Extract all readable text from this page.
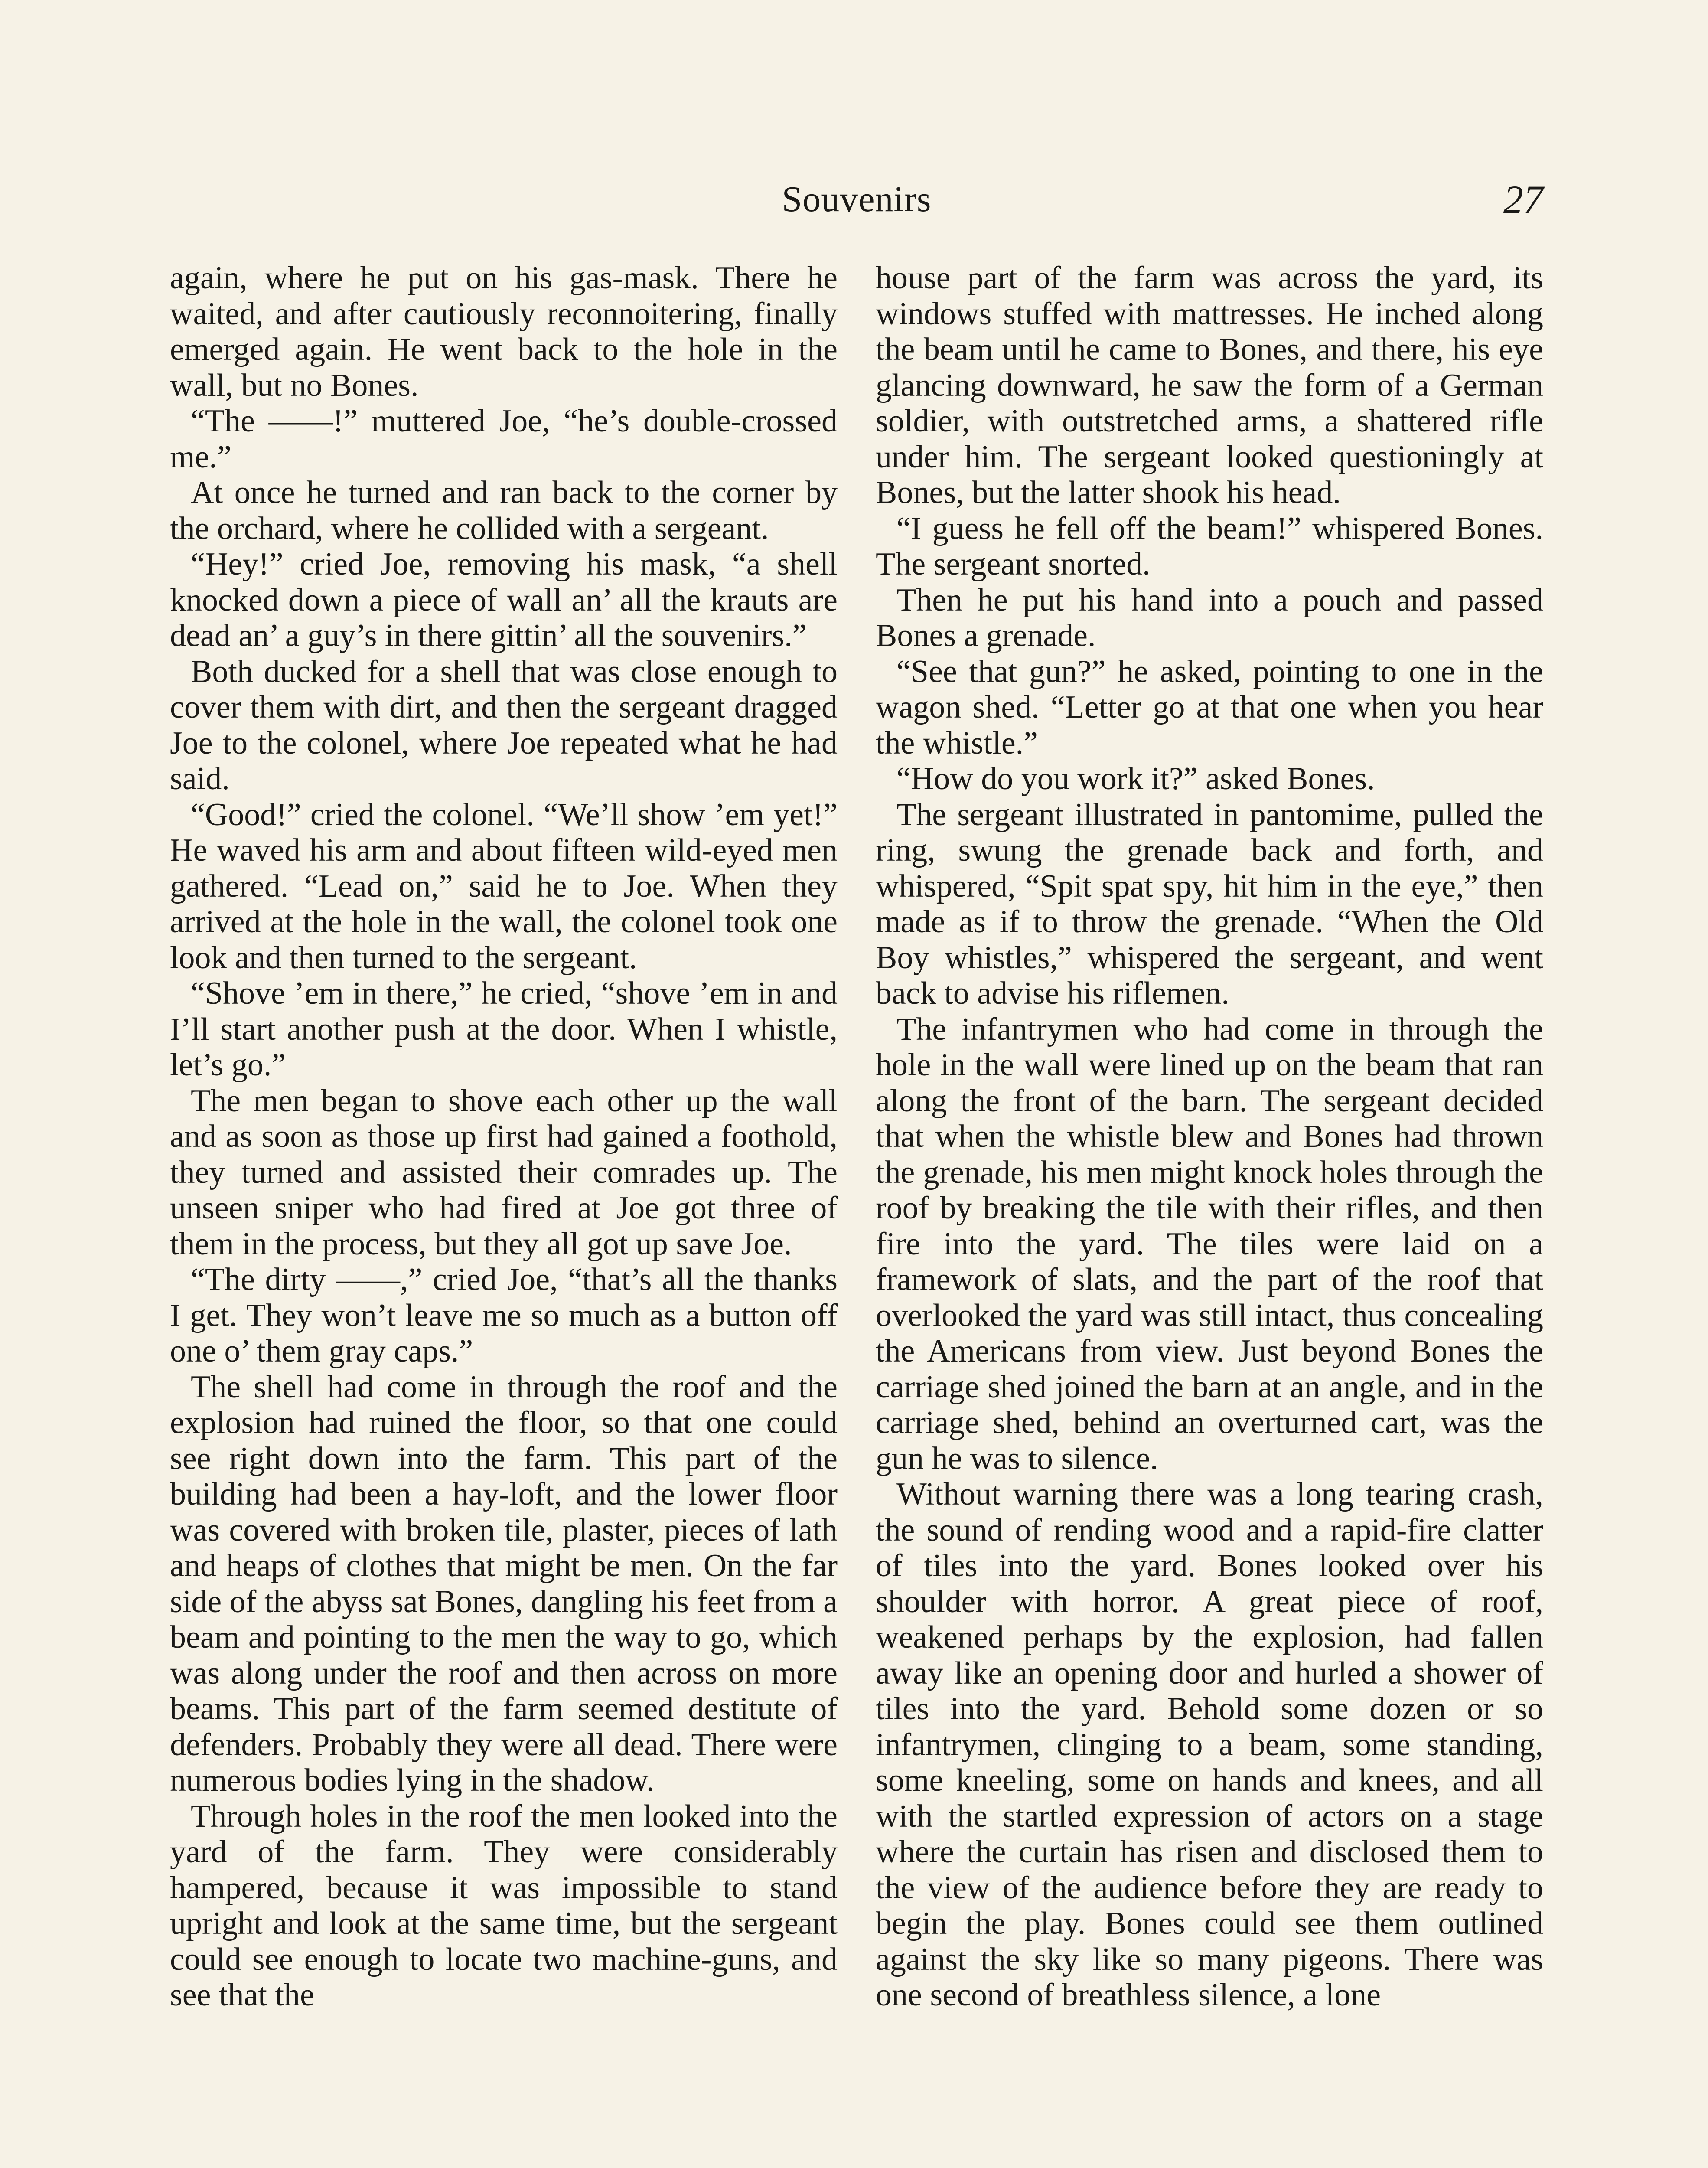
Souvenirs	27

again, where he put on his gas-mask. There he waited, and after cautiously reconnoitering, finally emerged again. He went back to the hole in the wall, but no Bones.

“The ——!” muttered Joe, “he’s double-crossed me.”

At once he turned and ran back to the corner by the orchard, where he collided with a sergeant.

“Hey!” cried Joe, removing his mask, “a shell knocked down a piece of wall an’ all the krauts are dead an’ a guy’s in there gittin’ all the souvenirs.”

Both ducked for a shell that was close enough to cover them with dirt, and then the sergeant dragged Joe to the colonel, where Joe repeated what he had said.

“Good!” cried the colonel. “We’ll show ’em yet!” He waved his arm and about fifteen wild-eyed men gathered. “Lead on,” said he to Joe. When they arrived at the hole in the wall, the colonel took one look and then turned to the sergeant.

“Shove ’em in there,” he cried, “shove ’em in and I’ll start another push at the door. When I whistle, let’s go.”

The men began to shove each other up the wall and as soon as those up first had gained a foothold, they turned and assisted their comrades up. The unseen sniper who had fired at Joe got three of them in the process, but they all got up save Joe.

“The dirty ——,” cried Joe, “that’s all the thanks I get. They won’t leave me so much as a button off one o’ them gray caps.”

The shell had come in through the roof and the explosion had ruined the floor, so that one could see right down into the farm. This part of the building had been a hay-loft, and the lower floor was covered with broken tile, plaster, pieces of lath and heaps of clothes that might be men. On the far side of the abyss sat Bones, dangling his feet from a beam and pointing to the men the way to go, which was along under the roof and then across on more beams. This part of the farm seemed destitute of defenders. Probably they were all dead. There were numerous bodies lying in the shadow.

Through holes in the roof the men looked into the yard of the farm. They were considerably hampered, because it was impossible to stand upright and look at the same time, but the sergeant could see enough to locate two machine-guns, and see that the

house part of the farm was across the yard, its windows stuffed with mattresses. He inched along the beam until he came to Bones, and there, his eye glancing downward, he saw the form of a German soldier, with outstretched arms, a shattered rifle under him. The sergeant looked questioningly at Bones, but the latter shook his head.

“I guess he fell off the beam!” whispered Bones. The sergeant snorted.

Then he put his hand into a pouch and passed Bones a grenade.

“See that gun?” he asked, pointing to one in the wagon shed. “Letter go at that one when you hear the whistle.”

“How do you work it?” asked Bones.

The sergeant illustrated in pantomime, pulled the ring, swung the grenade back and forth, and whispered, “Spit spat spy, hit him in the eye,” then made as if to throw the grenade. “When the Old Boy whistles,” whispered the sergeant, and went back to advise his riflemen.

The infantrymen who had come in through the hole in the wall were lined up on the beam that ran along the front of the barn. The sergeant decided that when the whistle blew and Bones had thrown the grenade, his men might knock holes through the roof by breaking the tile with their rifles, and then fire into the yard. The tiles were laid on a framework of slats, and the part of the roof that overlooked the yard was still intact, thus concealing the Americans from view. Just beyond Bones the carriage shed joined the barn at an angle, and in the carriage shed, behind an overturned cart, was the gun he was to silence.

Without warning there was a long tearing crash, the sound of rending wood and a rapid-fire clatter of tiles into the yard. Bones looked over his shoulder with horror. A great piece of roof, weakened perhaps by the explosion, had fallen away like an opening door and hurled a shower of tiles into the yard. Behold some dozen or so infantrymen, clinging to a beam, some standing, some kneeling, some on hands and knees, and all with the startled expression of actors on a stage where the curtain has risen and disclosed them to the view of the audience before they are ready to begin the play. Bones could see them outlined against the sky like so many pigeons. There was one second of breathless silence, a lone
